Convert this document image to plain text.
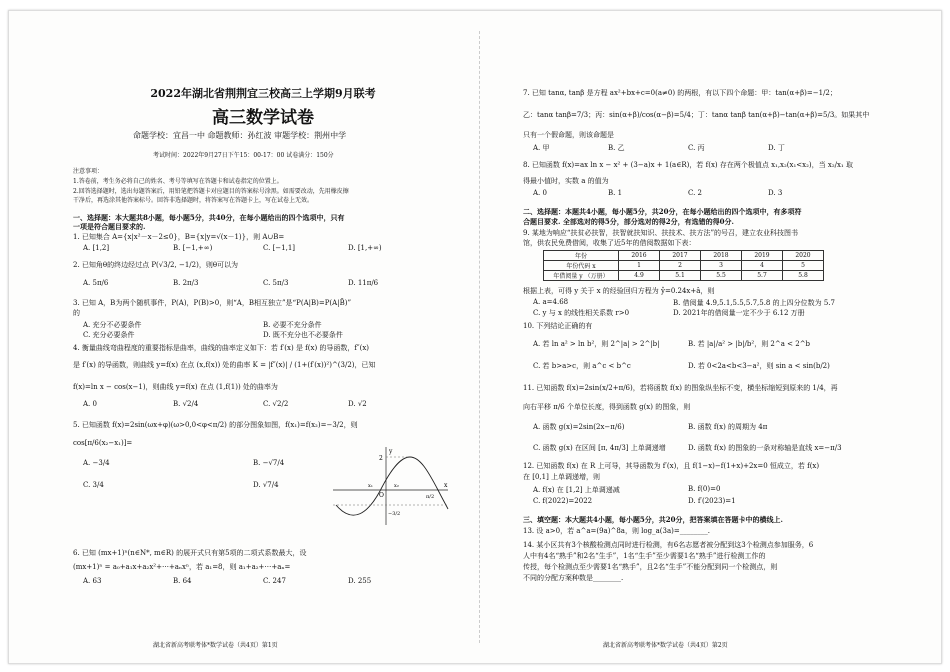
2022年湖北省荆荆宜三校高三上学期9月联考
高三数学试卷
命题学校：宜昌一中 命题教师：孙红波 审题学校：荆州中学
考试时间：2022年9月27日下午15：00-17：00 试卷满分：150分
注意事项：
1.答卷前，考生务必将自己的姓名、考号等填写在答题卡和试卷指定的位置上。
2.回答选择题时，选出每题答案后，用铅笔把答题卡对应题目的答案标号涂黑。如需要改动，先用橡皮擦
干净后，再选涂其他答案标号。回答非选择题时，将答案写在答题卡上，写在试卷上无效。
一、选择题：本大题共8小题，每小题5分，共40分，在每小题给出的四个选项中，只有
一项是符合题目要求的.
1. 已知集合 A={x|x²－x－2≤0}，B={x|y=√(x－1)}，则 A∪B=
A. [1,2]	B. [−1,+∞)	C. [−1,1]	D. [1,+∞)
2. 已知角θ的终边经过点 P(√3/2, −1/2)，则θ可以为
A. 5π/6	B. 2π/3	C. 5π/3	D. 11π/6
3. 已知 A，B为两个随机事件，P(A)，P(B)>0，则“A，B相互独立”是“P(A|B)=P(A|B̄)”
的
A. 充分不必要条件	B. 必要不充分条件
C. 充分必要条件	D. 既不充分也不必要条件
4. 衡量曲线弯曲程度的重要指标是曲率，曲线的曲率定义如下：若 f′(x) 是 f(x) 的导函数，f″(x)
是 f′(x) 的导函数，则曲线 y=f(x) 在点 (x,f(x)) 处的曲率 K = |f″(x)| / (1+(f′(x))²)^(3/2)，已知
f(x)=ln x − cos(x−1)，则曲线 y=f(x) 在点 (1,f(1)) 处的曲率为
A. 0	B. √2/4	C. √2/2	D. √2
5. 已知函数 f(x)=2sin(ωx+φ)(ω>0,0<φ<π/2) 的部分图象如图，f(x₁)=f(x₂)=−3/2，则
cos[π/6(x₂−x₁)]=
A. −3/4	B. −√7/4
C. 3/4	D. √7/4
y
x
O
2
x₁	x₂
π/2
−3/2
6. 已知 (mx+1)ⁿ(n∈N*, m∈R) 的展开式只有第5项的二项式系数最大，设
(mx+1)ⁿ = a₀+a₁x+a₂x²+⋯+aₙxⁿ，若 a₁=8，则 a₁+a₂+⋯+aₙ=
A. 63	B. 64	C. 247	D. 255
湖北省新高考联考体*数学试卷（共4页）第1页
7. 已知 tanα, tanβ 是方程 ax²+bx+c=0(a≠0) 的两根，有以下四个命题：甲：tan(α+β)=−1/2；
乙：tanα tanβ=7/3；丙：sin(α+β)/cos(α−β)=5/4；丁：tanα tanβ tan(α+β)−tan(α+β)=5/3。如果其中
只有一个假命题，则该命题是
A. 甲	B. 乙	C. 丙	D. 丁
8. 已知函数 f(x)=ax ln x − x² + (3−a)x + 1(a∈R)，若 f(x) 存在两个极值点 x₁,x₂(x₁<x₂)，当 x₂/x₁ 取
得最小值时，实数 a 的值为
A. 0	B. 1	C. 2	D. 3
二、选择题：本题共4小题，每小题5分，共20分，在每小题给出的四个选项中，有多项符
合题目要求. 全部选对的得5分，部分选对的得2分，有选错的得0分.
9. 某地为响应“扶贫必扶智，扶智就扶知识、扶技术、扶方法”的号召，建立农业科技图书
馆，供农民免费借阅，收集了近5年的借阅数据如下表：
年份	2016	2017	2018	2019	2020
年份代码 x	1	2	3	4	5
年借阅量 y （万册）	4.9	5.1	5.5	5.7	5.8
根据上表，可得 y 关于 x 的经验回归方程为 ŷ=0.24x+â，则
A. a=4.68	B. 借阅量 4.9,5.1,5.5,5.7,5.8 的上四分位数为 5.7
C. y 与 x 的线性相关系数 r>0	D. 2021年的借阅量一定不少于 6.12 万册
10. 下列结论正确的有
A. 若 ln a² > ln b²，则 2^|a| > 2^|b|	B. 若 |a|/a² > |b|/b²，则 2^a < 2^b
C. 若 b>a>c，则 a^c < b^c	D. 若 0<2a<b<3−a²，则 sin a < sin(b/2)
11. 已知函数 f(x)=2sin(x/2+π/6)，若将函数 f(x) 的图象纵坐标不变，横坐标缩短到原来的 1/4，再
向右平移 π/6 个单位长度，得到函数 g(x) 的图象，则
A. 函数 g(x)=2sin(2x−π/6)	B. 函数 f(x) 的周期为 4π
C. 函数 g(x) 在区间 [π, 4π/3] 上单调递增	D. 函数 f(x) 的图象的一条对称轴是直线 x=−π/3
12. 已知函数 f(x) 在 R 上可导，其导函数为 f′(x)，且 f(1−x)−f(1+x)+2x=0 恒成立，若 f(x)
在 [0,1] 上单调递增，则
A. f(x) 在 [1,2] 上单调递减	B. f(0)=0
C. f(2022)=2022	D. f′(2023)=1
三、填空题：本大题共4小题，每小题5分，共20分，把答案填在答题卡中的横线上.
13. 设 a>0，若 a^a=(9a)^8a，则 log_a(3a)=________.
14. 某小区共有3个核酸检测点同时进行检测，有6名志愿者被分配到这3个检测点参加服务，6
人中有4名“熟手”和2名“生手”，1名“生手”至少需要1名“熟手”进行检测工作的
传授，每个检测点至少需要1名“熟手”，且2名“生手”不能分配到同一个检测点，则
不同的分配方案种数是________.
湖北省新高考联考体*数学试卷（共4页）第2页
